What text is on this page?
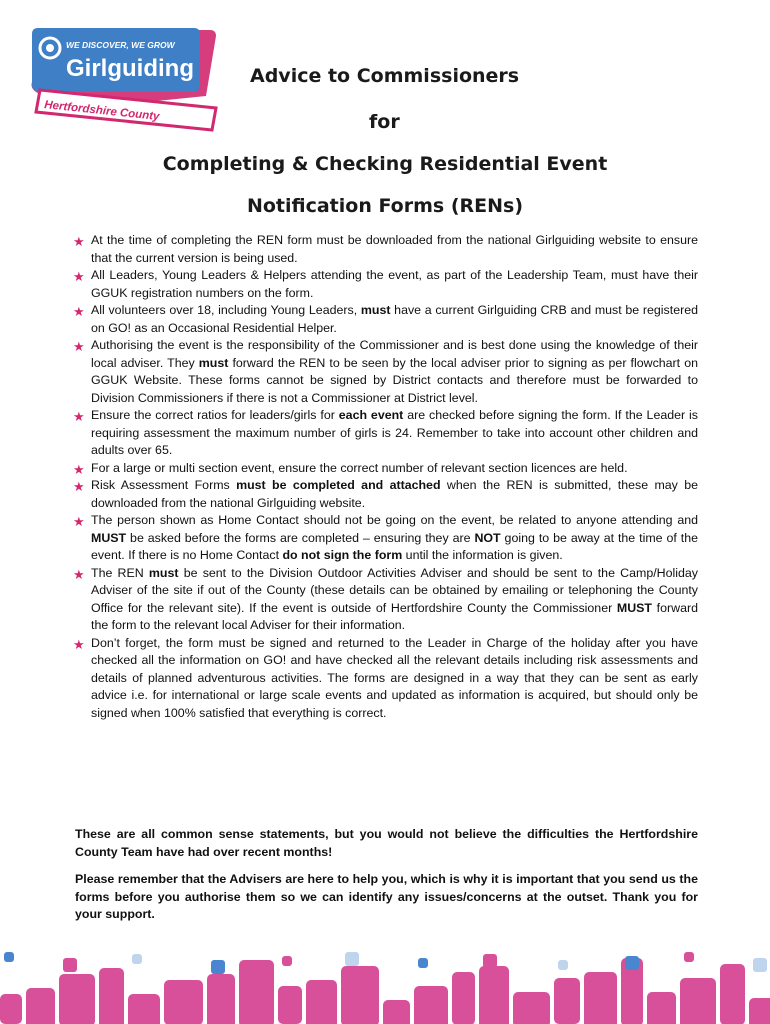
WE DISCOVER, WE GROW
Girlguiding
Hertfordshire County
Advice to Commissioners
for
Completing & Checking Residential Event
Notification Forms (RENs)
★ At the time of completing the REN form must be downloaded from the national Girlguiding website to ensure that the current version is being used.
★ All Leaders, Young Leaders & Helpers attending the event, as part of the Leadership Team, must have their GGUK registration numbers on the form.
★ All volunteers over 18, including Young Leaders, must have a current Girlguiding CRB and must be registered on GO! as an Occasional Residential Helper.
★ Authorising the event is the responsibility of the Commissioner and is best done using the knowledge of their local adviser. They must forward the REN to be seen by the local adviser prior to signing as per flowchart on GGUK Website. These forms cannot be signed by District contacts and therefore must be forwarded to Division Commissioners if there is not a Commissioner at District level.
★ Ensure the correct ratios for leaders/girls for each event are checked before signing the form. If the Leader is requiring assessment the maximum number of girls is 24. Remember to take into account other children and adults over 65.
★ For a large or multi section event, ensure the correct number of relevant section licences are held.
★ Risk Assessment Forms must be completed and attached when the REN is submitted, these may be downloaded from the national Girlguiding website.
★ The person shown as Home Contact should not be going on the event, be related to anyone attending and MUST be asked before the forms are completed – ensuring they are NOT going to be away at the time of the event. If there is no Home Contact do not sign the form until the information is given.
★ The REN must be sent to the Division Outdoor Activities Adviser and should be sent to the Camp/Holiday Adviser of the site if out of the County (these details can be obtained by emailing or telephoning the County Office for the relevant site). If the event is outside of Hertfordshire County the Commissioner MUST forward the form to the relevant local Adviser for their information.
★ Don’t forget, the form must be signed and returned to the Leader in Charge of the holiday after you have checked all the information on GO! and have checked all the relevant details including risk assessments and details of planned adventurous activities. The forms are designed in a way that they can be sent as early advice i.e. for international or large scale events and updated as information is acquired, but should only be signed when 100% satisfied that everything is correct.
These are all common sense statements, but you would not believe the difficulties the Hertfordshire County Team have had over recent months!
Please remember that the Advisers are here to help you, which is why it is important that you send us the forms before you authorise them so we can identify any issues/concerns at the outset. Thank you for your support.
